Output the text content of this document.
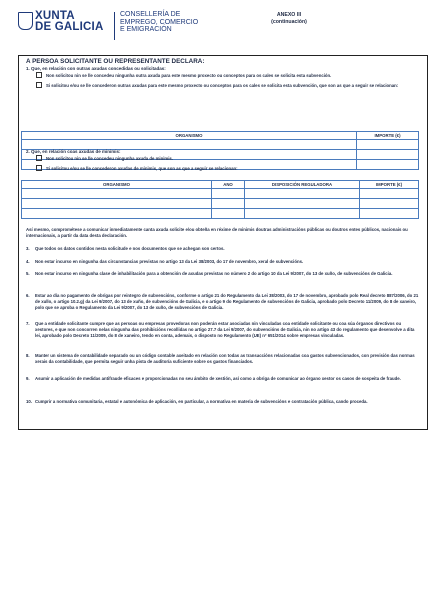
XUNTA
DE GALICIA
CONSELLERÍA DE
EMPREGO, COMERCIO
E EMIGRACIÓN
ANEXO III
(continuación)
A PERSOA SOLICITANTE OU REPRESENTANTE DECLARA:
1. Que, en relación con outras axudas concedidas ou solicitadas:
Non solicitou nin se lle concedeu ningunha outra axuda para este mesmo proxecto ou conceptos para os cales se solicita esta subvención.
Si solicitou e/ou se lle concederon outras axudas para este mesmo proxecto ou conceptos para os cales se solicita esta subvención, que son as que a seguir se relacionan:
ORGANISMO	IMPORTE (€)

2. Que, en relación coas axudas de minimis:
Non solicitou nin se lle concedeu ningunha axuda de minimis.
Si solicitou e/ou se lle concederon axudas de minimis, que son as que a seguir se relacionan:
ORGANISMO	ANO	DISPOSICIÓN REGULADORA	IMPORTE (€)

Así mesmo, comprométese a comunicar inmediatamente canta axuda solicite e/ou obteña en réxime de minimis doutras administracións públicas ou doutros entes públicos, nacionais ou internacionais, a partir da data desta declaración.
3. Que todos os datos contidos nesta solicitude e nos documentos que se achegan son certos.
4. Non estar incurso en ningunha das circunstancias previstas no artigo 13 da Lei 38/2003, do 17 de novembro, xeral de subvencións.
5. Non estar incurso en ningunha clase de inhabilitación para a obtención de axudas previstas no número 2 do artigo 10 da Lei 9/2007, do 13 de xuño, de subvencións de Galicia.
6. Estar ao día no pagamento de obrigas por reintegro de subvencións, conforme o artigo 21 do Regulamento da Lei 38/2003, do 17 de novembro, aprobado polo Real decreto 887/2006, do 21 de xullo, o artigo 10.2.g) da Lei 9/2007, do 13 de xuño, de subvencións de Galicia, e o artigo 9 do Regulamento de subvencións de Galicia, aprobado polo Decreto 11/2009, do 8 de xaneiro, polo que se aproba o Regulamento da Lei 9/2007, do 13 de xuño, de subvencións de Galicia.
7. Que a entidade solicitante cumpre que as persoas ou empresas provedoras non poderán estar asociadas nin vinculadas coa entidade solicitante ou coa súa órganos directivos ou xestores, e que non concorren nelas ningunha das prohibicións recollidas no artigo 27.7 da Lei 9/2007, do subvencións de Galicia, nin no artigo 43 do regulamento que desenvolve a dita lei, aprobado polo Decreto 11/2009, do 8 de xaneiro, tendo en conta, ademais, o disposto no Regulamento (UE) nº 651/2014 sobre empresas vinculadas.
8. Manter un sistema de contabilidade separado ou un código contable axeitado en relación con todas as transaccións relacionadas coa gastos subvencionados, con previsión das normas xerais da contabilidade, que permita seguir unha pista de auditoría suficiente sobre os gastos financiados.
9. Asumir a aplicación de medidas antifraude eficaces e proporcionadas no seu ámbito de xestión, así como a obriga de comunicar ao órgano xestor os casos de sospeita de fraude.
10. Cumprir a normativa comunitaria, estatal e autonómica de aplicación, en particular, a normativa en materia de subvencións e contratación pública, cando proceda.
